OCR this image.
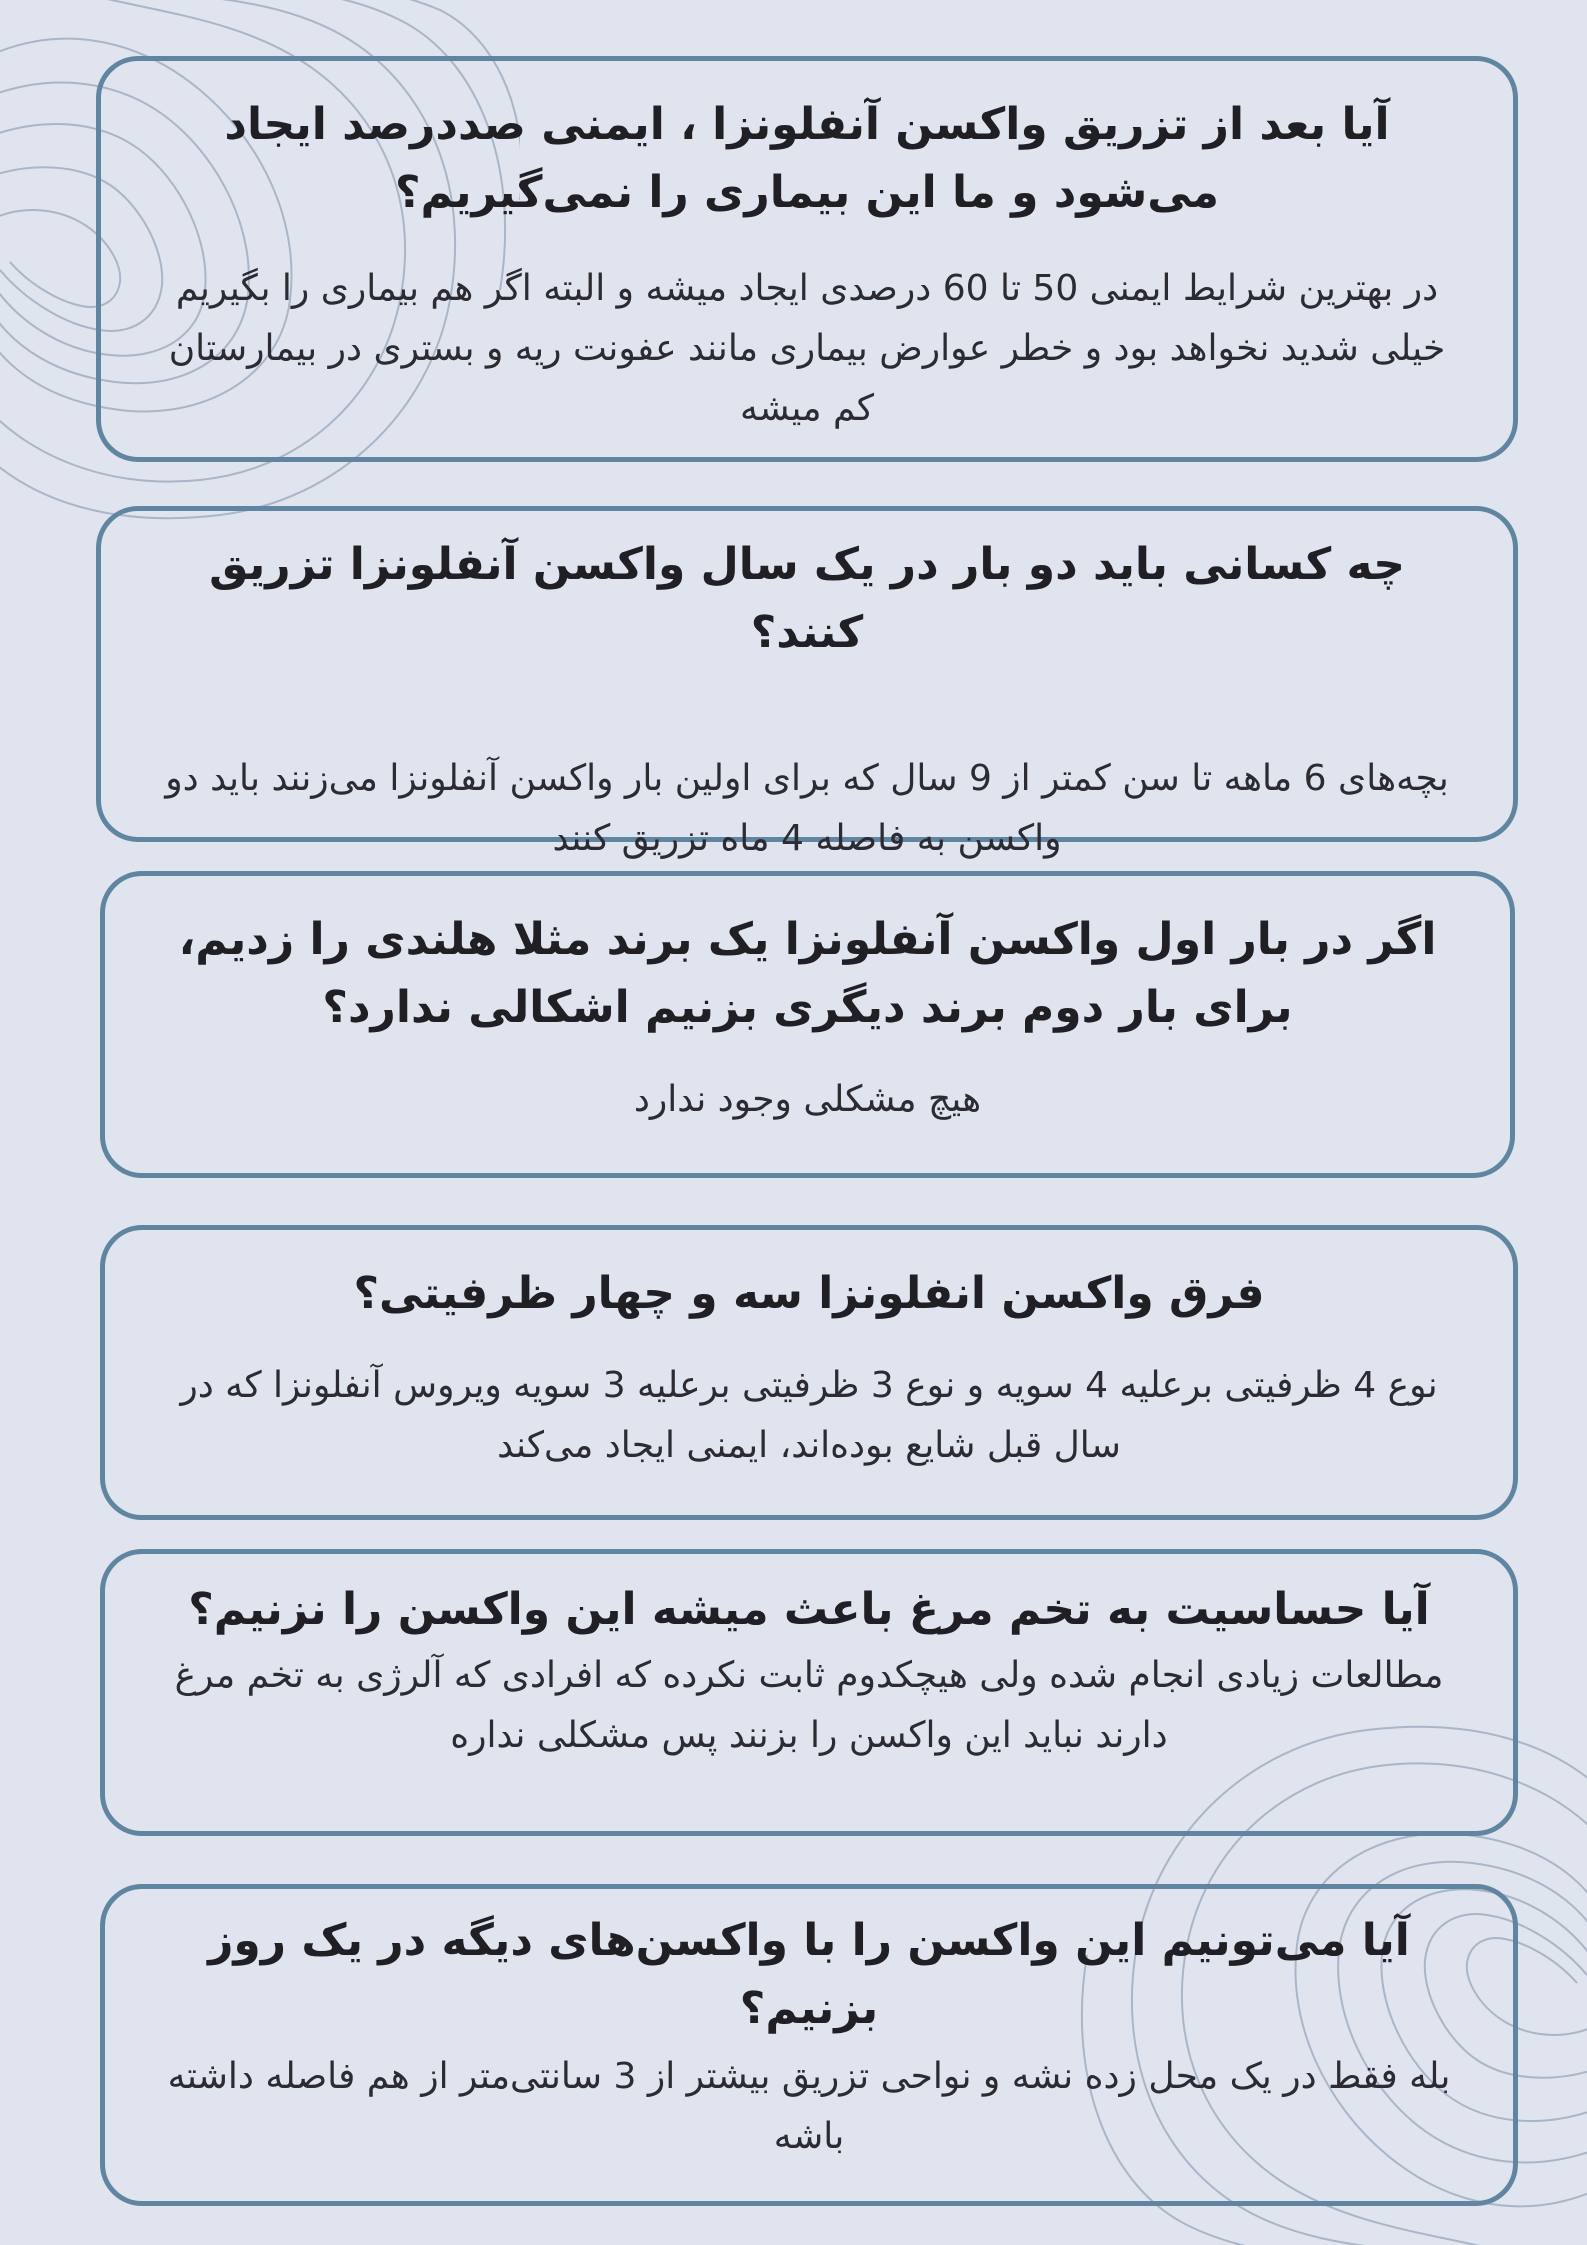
آیا بعد از تزریق واکسن آنفلونزا ، ایمنی صددرصد ایجاد می‌شود و ما این بیماری را نمی‌گیریم؟

در بهترین شرایط ایمنی 50 تا 60 درصدی ایجاد میشه و البته اگر هم بیماری را بگیریم خیلی شدید نخواهد بود و خطر عوارض بیماری مانند عفونت ریه و بستری در بیمارستان کم میشه

چه کسانی باید دو بار در یک سال واکسن آنفلونزا تزریق کنند؟

بچه‌های 6 ماهه تا سن کمتر از 9 سال که برای اولین بار واکسن آنفلونزا می‌زنند باید دو واکسن به فاصله 4 ماه تزریق کنند

اگر در بار اول واکسن آنفلونزا یک برند مثلا هلندی را زدیم، برای بار دوم برند دیگری بزنیم اشکالی ندارد؟

هیچ مشکلی وجود ندارد

فرق واکسن انفلونزا سه و چهار ظرفیتی؟

نوع 4 ظرفیتی برعلیه 4 سویه و نوع 3 ظرفیتی برعلیه 3 سویه ویروس آنفلونزا که در سال قبل شایع بوده‌اند، ایمنی ایجاد می‌کند

آیا حساسیت به تخم مرغ باعث میشه این واکسن را نزنیم؟

مطالعات زیادی انجام شده ولی هیچکدوم ثابت نکرده که افرادی که آلرژی به تخم مرغ دارند نباید این واکسن را بزنند پس مشکلی نداره

آیا می‌تونیم این واکسن را با واکسن‌های دیگه در یک روز بزنیم؟

بله فقط در یک محل زده نشه و نواحی تزریق بیشتر از 3 سانتی‌متر از هم فاصله داشته باشه
